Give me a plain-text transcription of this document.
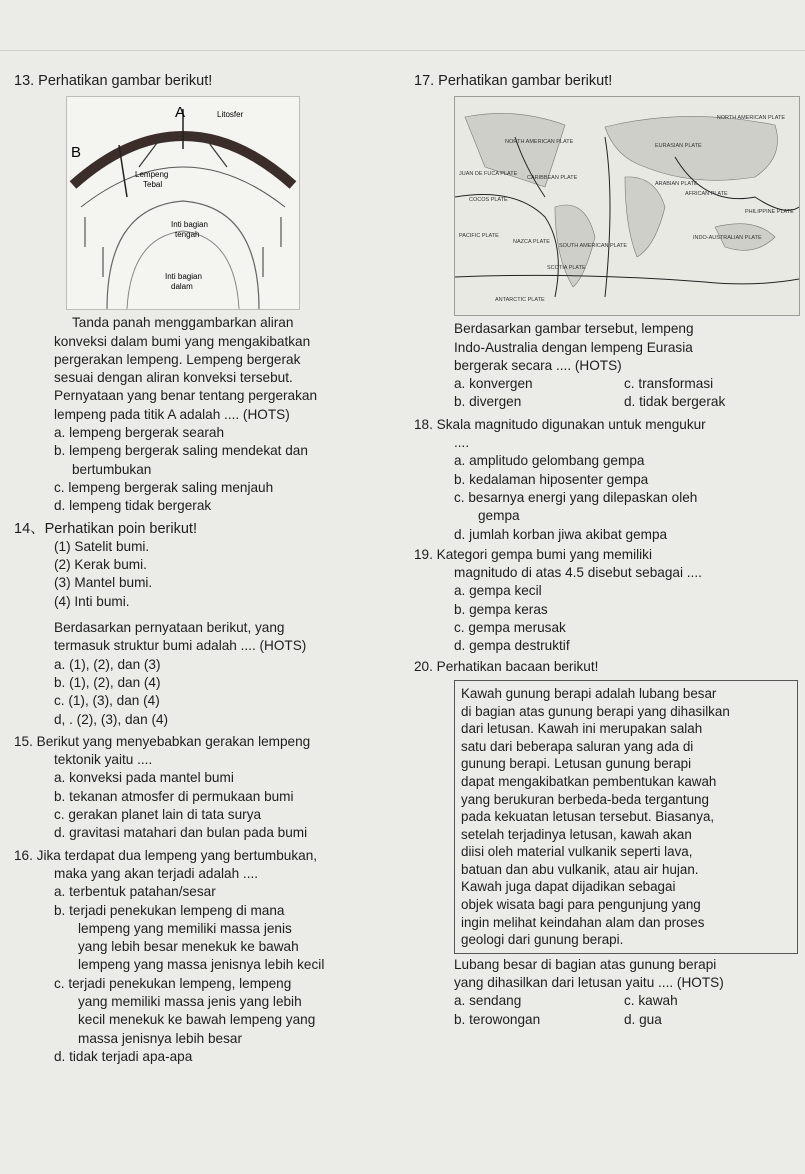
13. Perhatikan gambar berikut!
A
B
Litosfer
Lempeng
Tebal
Inti bagian
tengah
Inti bagian
dalam
Tanda panah menggambarkan aliran
konveksi dalam bumi yang mengakibatkan
pergerakan lempeng. Lempeng bergerak
sesuai dengan aliran konveksi tersebut.
Pernyataan yang benar tentang pergerakan
lempeng pada titik A adalah .... (HOTS)
a. lempeng bergerak searah
b. lempeng bergerak saling mendekat dan
bertumbukan
c. lempeng bergerak saling menjauh
d. lempeng tidak bergerak
14、Perhatikan poin berikut!
(1) Satelit bumi.
(2) Kerak bumi.
(3) Mantel bumi.
(4) Inti bumi.
Berdasarkan pernyataan berikut, yang
termasuk struktur bumi adalah .... (HOTS)
a. (1), (2), dan (3)
b. (1), (2), dan (4)
c. (1), (3), dan (4)
d, . (2), (3), dan (4)
15. Berikut yang menyebabkan gerakan lempeng
tektonik yaitu ....
a. konveksi pada mantel bumi
b. tekanan atmosfer di permukaan bumi
c. gerakan planet lain di tata surya
d. gravitasi matahari dan bulan pada bumi
16. Jika terdapat dua lempeng yang bertumbukan,
maka yang akan terjadi adalah ....
a. terbentuk patahan/sesar
b. terjadi penekukan lempeng di mana
lempeng yang memiliki massa jenis
yang lebih besar menekuk ke bawah
lempeng yang massa jenisnya lebih kecil
c. terjadi penekukan lempeng, lempeng
yang memiliki massa jenis yang lebih
kecil menekuk ke bawah lempeng yang
massa jenisnya lebih besar
d. tidak terjadi apa-apa
17. Perhatikan gambar berikut!
NORTH AMERICAN PLATE
NORTH AMERICAN PLATE
EURASIAN PLATE
JUAN DE FUCA PLATE
CARIBBEAN PLATE
COCOS PLATE
PACIFIC PLATE
NAZCA PLATE
SOUTH AMERICAN PLATE
ARABIAN PLATE
AFRICAN PLATE
PHILIPPINE PLATE
INDO-AUSTRALIAN PLATE
SCOTIA PLATE
ANTARCTIC PLATE
Berdasarkan gambar tersebut, lempeng
Indo-Australia dengan lempeng Eurasia
bergerak secara .... (HOTS)
a. konvergen	c. transformasi
b. divergen	d. tidak bergerak
18. Skala magnitudo digunakan untuk mengukur
....
a. amplitudo gelombang gempa
b. kedalaman hiposenter gempa
c. besarnya energi yang dilepaskan oleh
gempa
d. jumlah korban jiwa akibat gempa
19. Kategori gempa bumi yang memiliki
magnitudo di atas 4.5 disebut sebagai ....
a. gempa kecil
b. gempa keras
c. gempa merusak
d. gempa destruktif
20. Perhatikan bacaan berikut!
Kawah gunung berapi adalah lubang besar
di bagian atas gunung berapi yang dihasilkan
dari letusan. Kawah ini merupakan salah
satu dari beberapa saluran yang ada di
gunung berapi. Letusan gunung berapi
dapat mengakibatkan pembentukan kawah
yang berukuran berbeda-beda tergantung
pada kekuatan letusan tersebut. Biasanya,
setelah terjadinya letusan, kawah akan
diisi oleh material vulkanik seperti lava,
batuan dan abu vulkanik, atau air hujan.
Kawah juga dapat dijadikan sebagai
objek wisata bagi para pengunjung yang
ingin melihat keindahan alam dan proses
geologi dari gunung berapi.
Lubang besar di bagian atas gunung berapi
yang dihasilkan dari letusan yaitu .... (HOTS)
a. sendang	c. kawah
b. terowongan	d. gua
